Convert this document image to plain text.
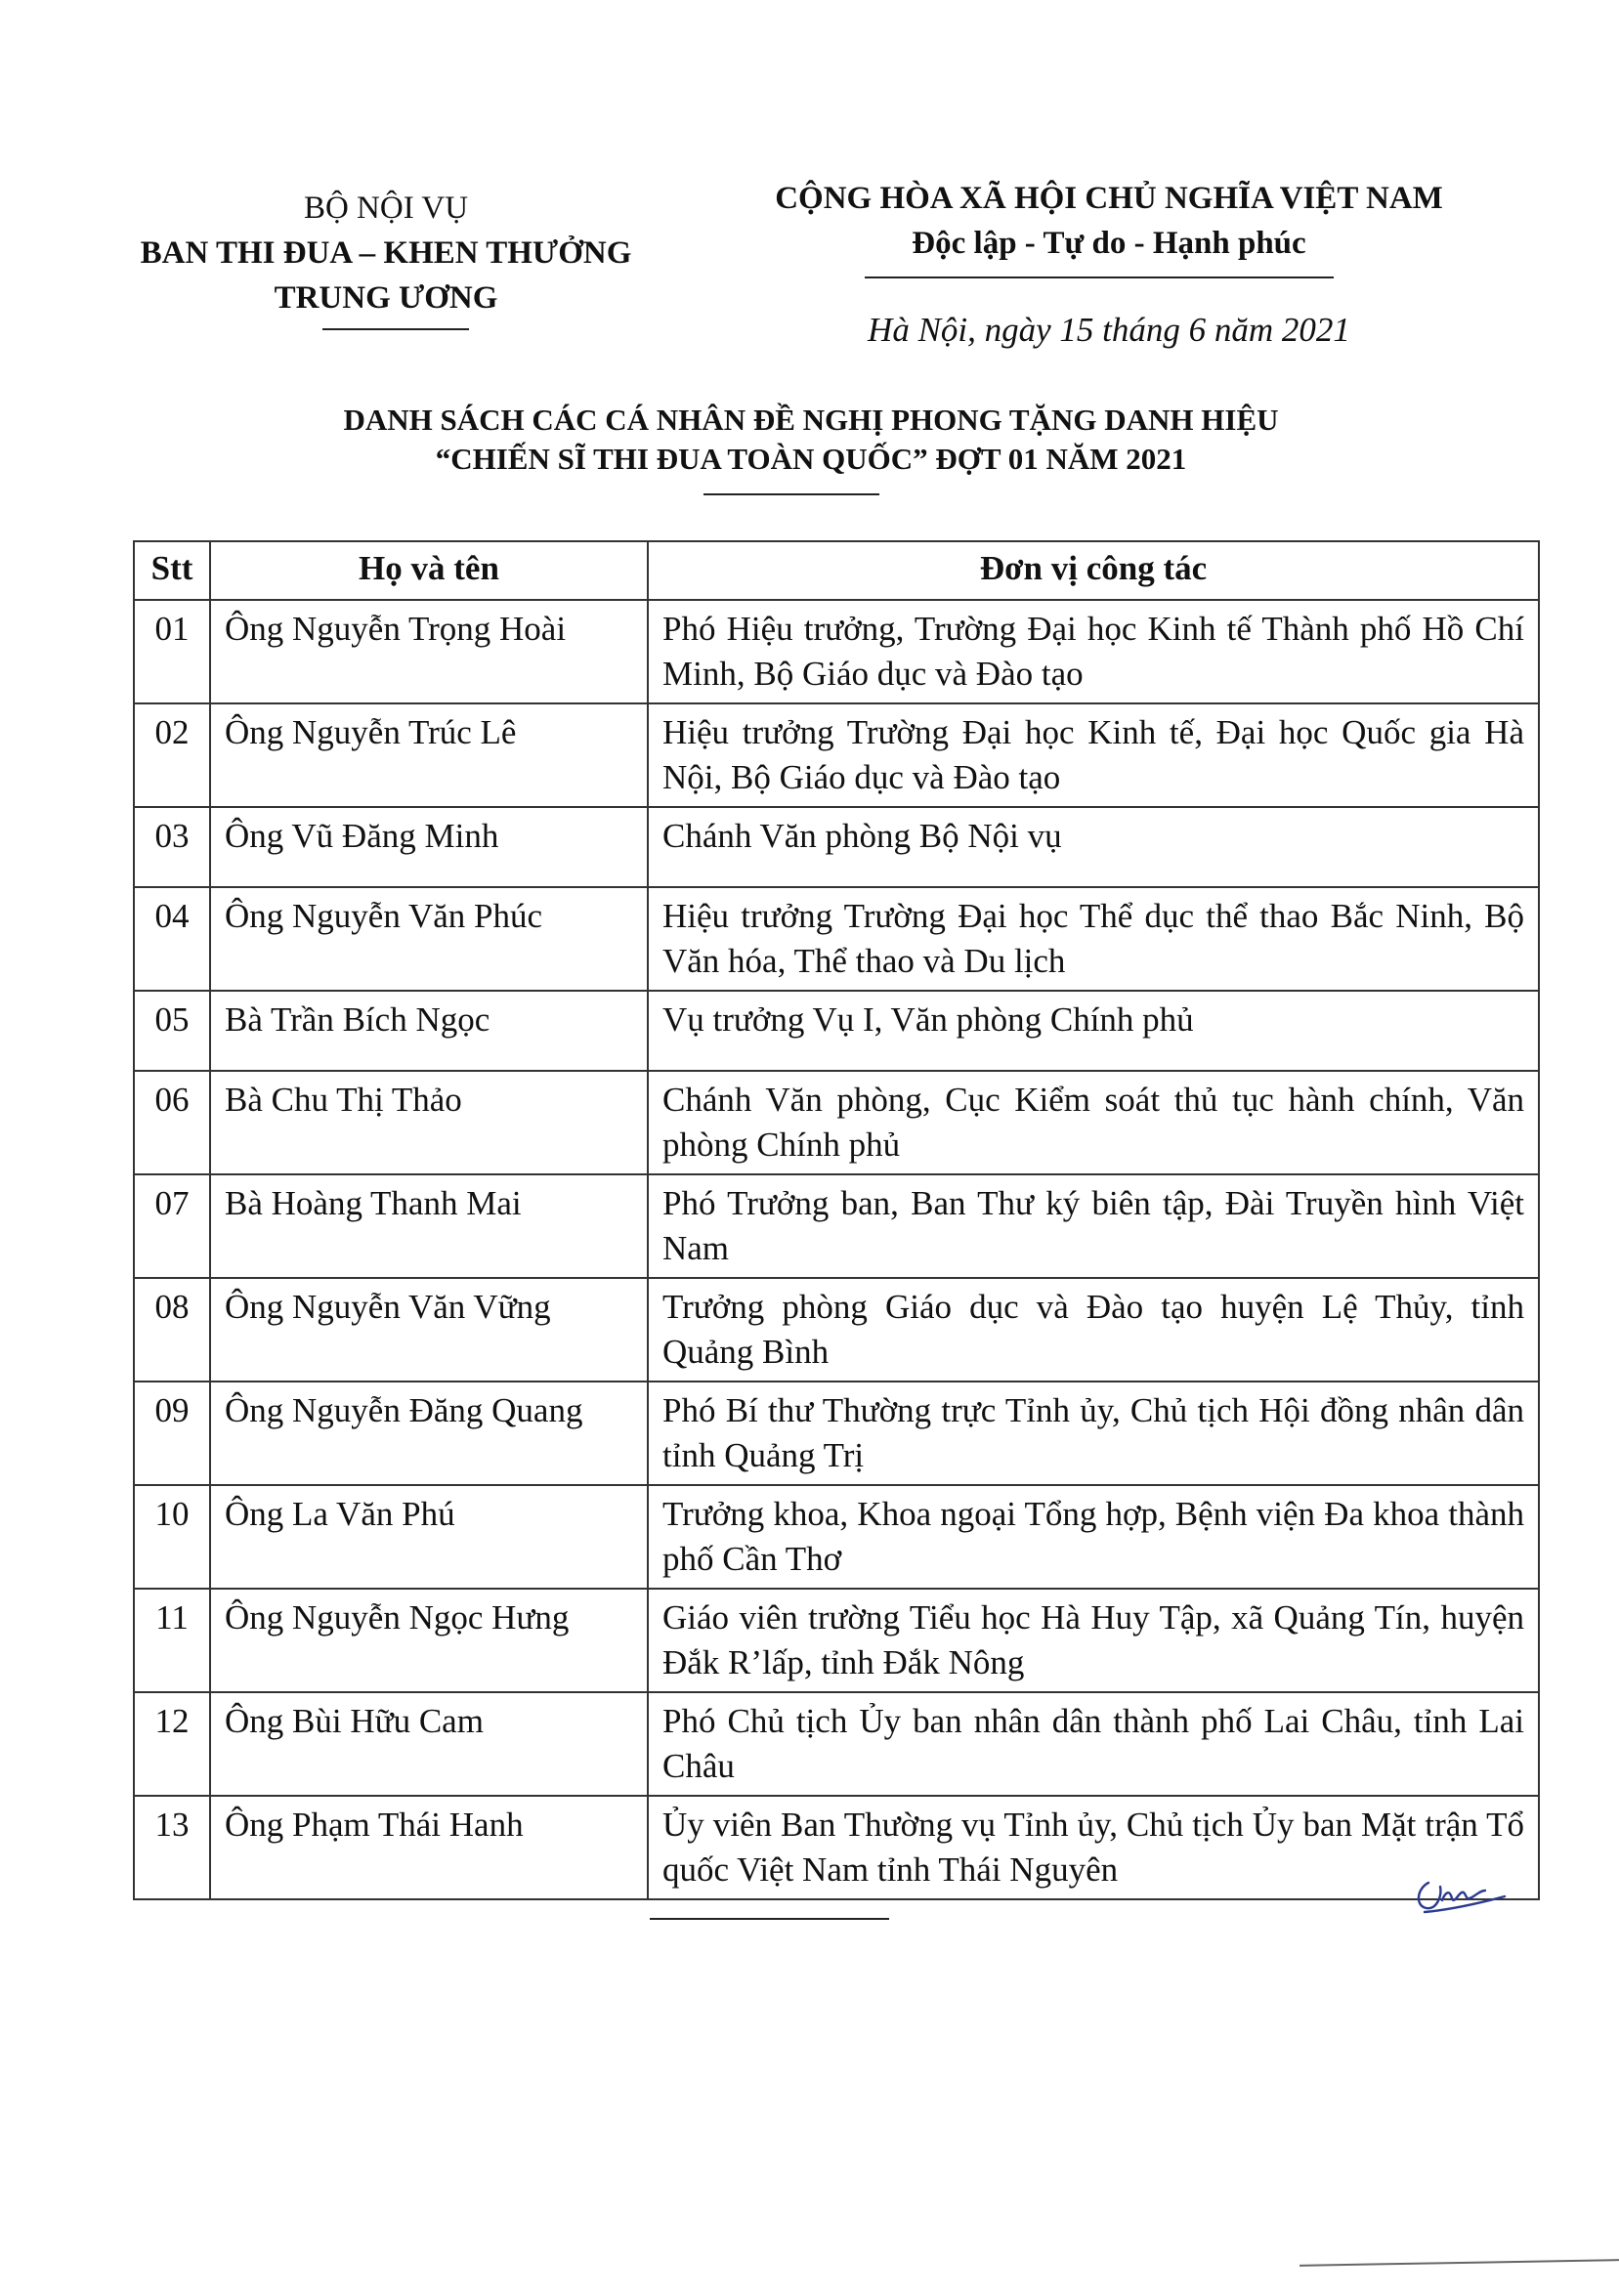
BỘ NỘI VỤ
BAN THI ĐUA – KHEN THƯỞNG
TRUNG ƯƠNG
CỘNG HÒA XÃ HỘI CHỦ NGHĨA VIỆT NAM
Độc lập - Tự do - Hạnh phúc
Hà Nội, ngày 15 tháng 6 năm 2021
DANH SÁCH CÁC CÁ NHÂN ĐỀ NGHỊ PHONG TẶNG DANH HIỆU
“CHIẾN SĨ THI ĐUA TOÀN QUỐC” ĐỢT 01 NĂM 2021
Stt	Họ và tên	Đơn vị công tác
01	Ông Nguyễn Trọng Hoài	Phó Hiệu trưởng, Trường Đại học Kinh tế Thành phố Hồ Chí Minh, Bộ Giáo dục và Đào tạo
02	Ông Nguyễn Trúc Lê	Hiệu trưởng Trường Đại học Kinh tế, Đại học Quốc gia Hà Nội, Bộ Giáo dục và Đào tạo
03	Ông Vũ Đăng Minh	Chánh Văn phòng Bộ Nội vụ
04	Ông Nguyễn Văn Phúc	Hiệu trưởng Trường Đại học Thể dục thể thao Bắc Ninh, Bộ Văn hóa, Thể thao và Du lịch
05	Bà Trần Bích Ngọc	Vụ trưởng Vụ I, Văn phòng Chính phủ
06	Bà Chu Thị Thảo	Chánh Văn phòng, Cục Kiểm soát thủ tục hành chính, Văn phòng Chính phủ
07	Bà Hoàng Thanh Mai	Phó Trưởng ban, Ban Thư ký biên tập, Đài Truyền hình Việt Nam
08	Ông Nguyễn Văn Vững	Trưởng phòng Giáo dục và Đào tạo huyện Lệ Thủy, tỉnh Quảng Bình
09	Ông Nguyễn Đăng Quang	Phó Bí thư Thường trực Tỉnh ủy, Chủ tịch Hội đồng nhân dân tỉnh Quảng Trị
10	Ông La Văn Phú	Trưởng khoa, Khoa ngoại Tổng hợp, Bệnh viện Đa khoa thành phố Cần Thơ
11	Ông Nguyễn Ngọc Hưng	Giáo viên trường Tiểu học Hà Huy Tập, xã Quảng Tín, huyện Đắk R’lấp, tỉnh Đắk Nông
12	Ông Bùi Hữu Cam	Phó Chủ tịch Ủy ban nhân dân thành phố Lai Châu, tỉnh Lai Châu
13	Ông Phạm Thái Hanh	Ủy viên Ban Thường vụ Tỉnh ủy, Chủ tịch Ủy ban Mặt trận Tổ quốc Việt Nam tỉnh Thái Nguyên
